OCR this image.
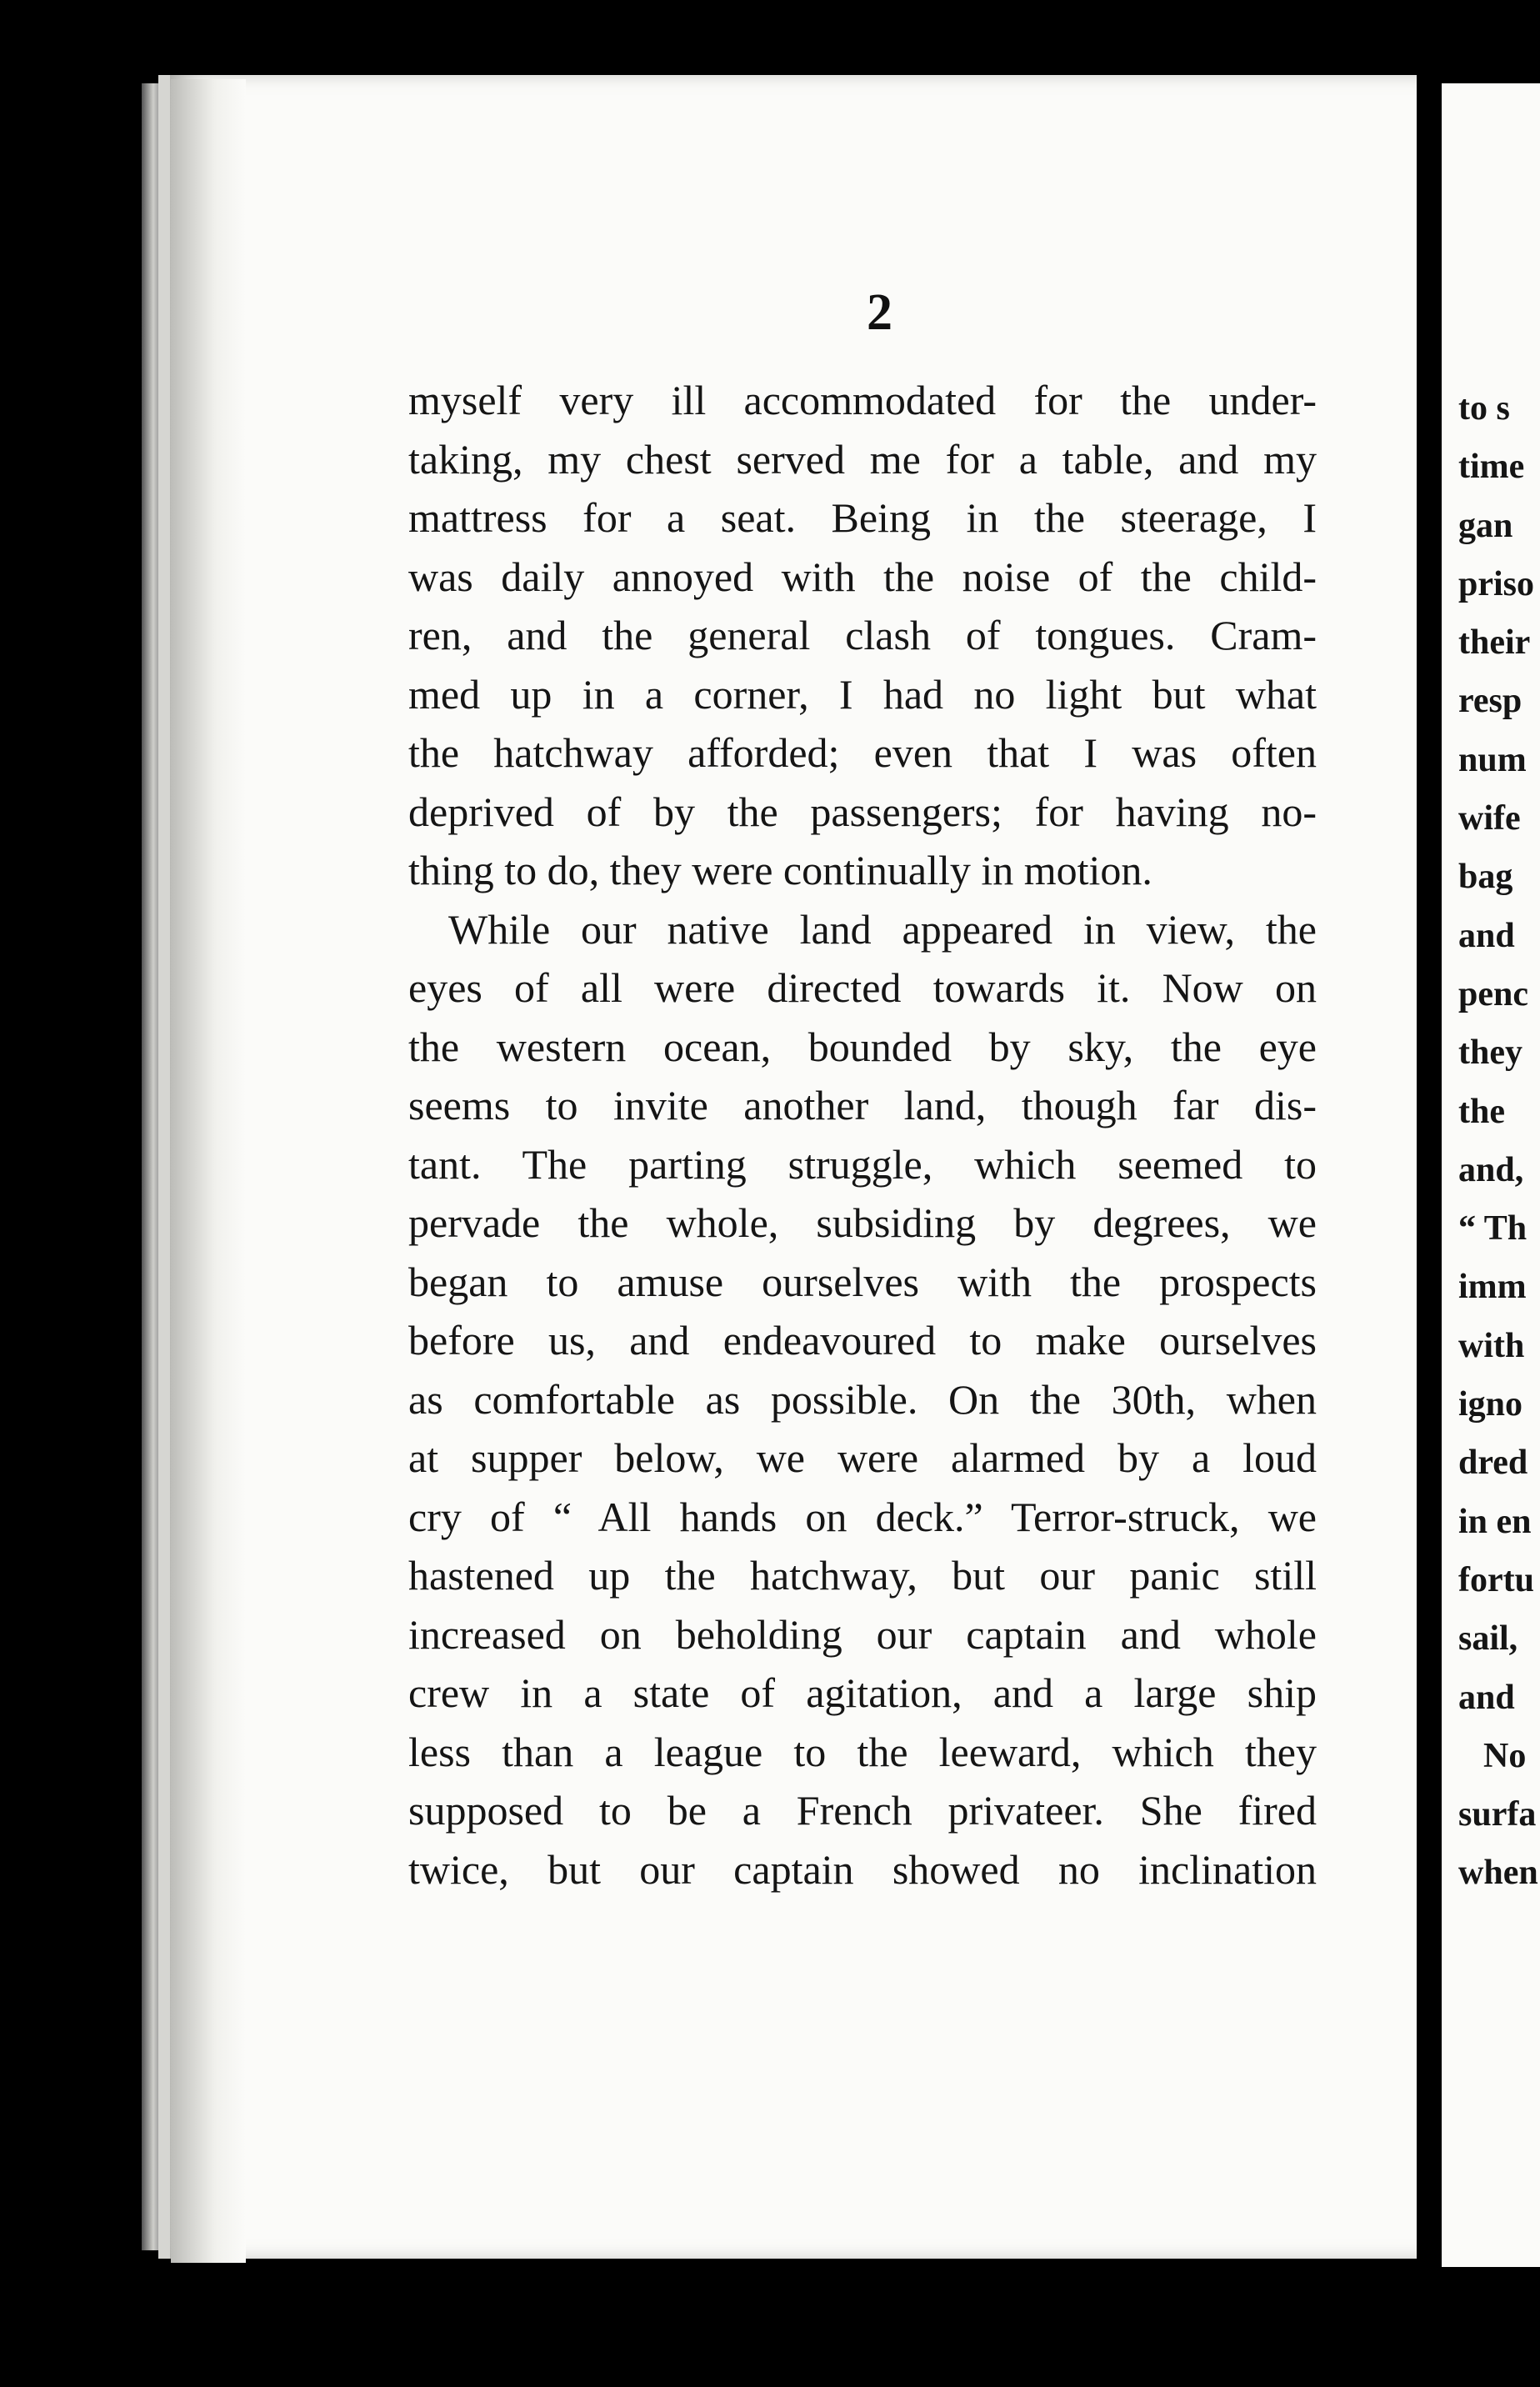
2
myself very ill accommodated for the under-
taking, my chest served me for a table, and my
mattress for a seat. Being in the steerage, I
was daily annoyed with the noise of the child-
ren, and the general clash of tongues. Cram-
med up in a corner, I had no light but what
the hatchway afforded; even that I was often
deprived of by the passengers; for having no-
thing to do, they were continually in motion.
While our native land appeared in view, the
eyes of all were directed towards it. Now on
the western ocean, bounded by sky, the eye
seems to invite another land, though far dis-
tant. The parting struggle, which seemed to
pervade the whole, subsiding by degrees, we
began to amuse ourselves with the prospects
before us, and endeavoured to make ourselves
as comfortable as possible. On the 30th, when
at supper below, we were alarmed by a loud
cry of “ All hands on deck.” Terror-struck, we
hastened up the hatchway, but our panic still
increased on beholding our captain and whole
crew in a state of agitation, and a large ship
less than a league to the leeward, which they
supposed to be a French privateer. She fired
twice, but our captain showed no inclination
to s
time
gan
priso
their
resp
num
wife
bag
and
penc
they
the
and,
“ Th
imm
with
igno
dred
in en
fortu
sail,
and
No
surfa
when
